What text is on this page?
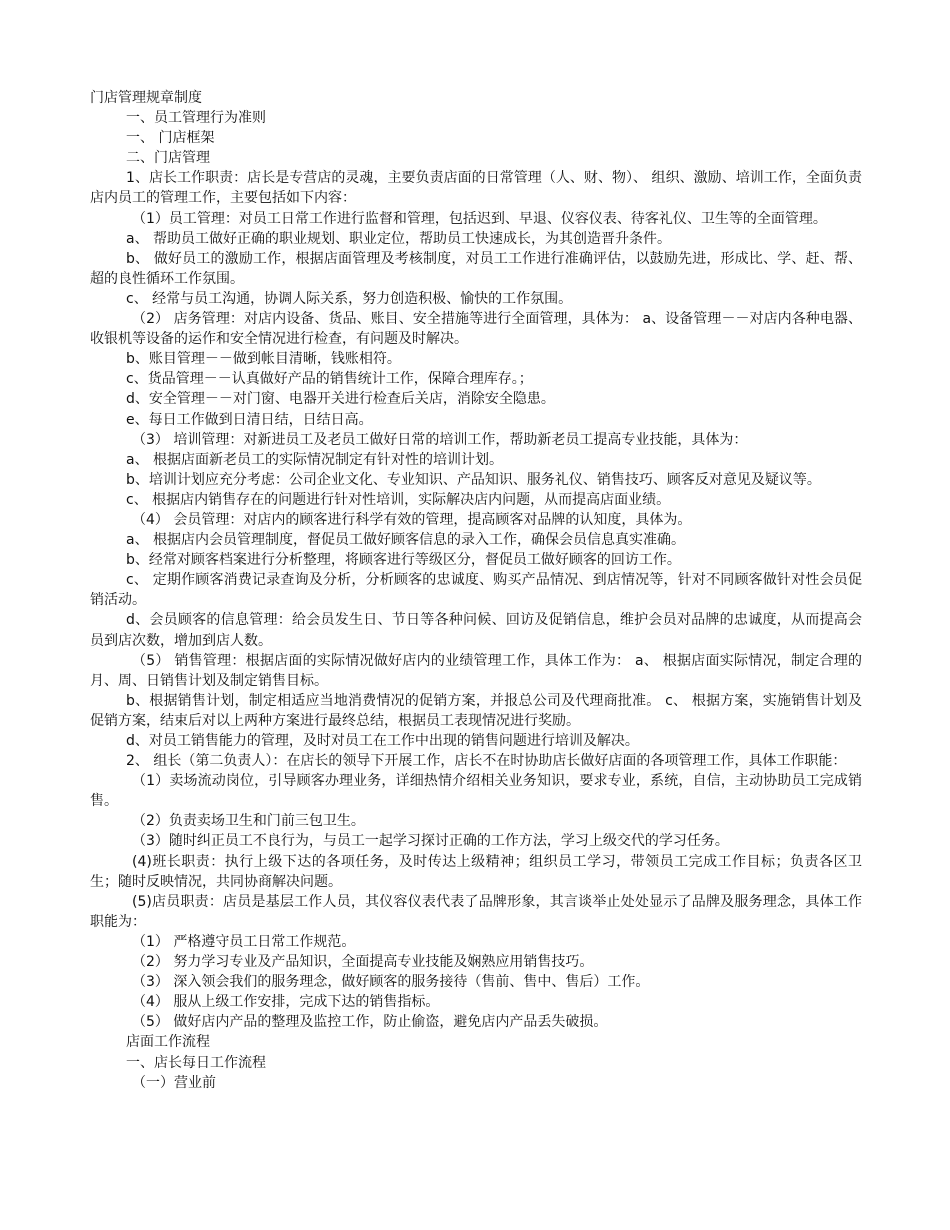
门店管理规章制度
一、员工管理行为准则
一、 门店框架
二、门店管理
1、店长工作职责：店长是专营店的灵魂，主要负责店面的日常管理（人、财、物）、 组织、激励、培训工作，全面负责店内员工的管理工作，主要包括如下内容：
（1）员工管理：对员工日常工作进行监督和管理，包括迟到、早退、仪容仪表、待客礼仪、卫生等的全面管理。
a、 帮助员工做好正确的职业规划、职业定位，帮助员工快速成长，为其创造晋升条件。
b、 做好员工的激励工作，根据店面管理及考核制度，对员工工作进行准确评估，以鼓励先进，形成比、学、赶、帮、超的良性循环工作氛围。
c、 经常与员工沟通，协调人际关系，努力创造积极、愉快的工作氛围。
（2） 店务管理：对店内设备、货品、账目、安全措施等进行全面管理，具体为： a、设备管理－－对店内各种电器、收银机等设备的运作和安全情况进行检查，有问题及时解决。
b、账目管理－－做到帐目清晰，钱账相符。
c、货品管理－－认真做好产品的销售统计工作，保障合理库存。；
d、安全管理－－对门窗、电器开关进行检查后关店，消除安全隐患。
e、每日工作做到日清日结，日结日高。
（3） 培训管理：对新进员工及老员工做好日常的培训工作，帮助新老员工提高专业技能，具体为：
a、 根据店面新老员工的实际情况制定有针对性的培训计划。
b、培训计划应充分考虑：公司企业文化、专业知识、产品知识、服务礼仪、销售技巧、顾客反对意见及疑议等。
c、 根据店内销售存在的问题进行针对性培训，实际解决店内问题，从而提高店面业绩。
（4） 会员管理：对店内的顾客进行科学有效的管理，提高顾客对品牌的认知度，具体为。
a、 根据店内会员管理制度，督促员工做好顾客信息的录入工作，确保会员信息真实准确。
b、经常对顾客档案进行分析整理，将顾客进行等级区分，督促员工做好顾客的回访工作。
c、 定期作顾客消费记录查询及分析，分析顾客的忠诚度、购买产品情况、到店情况等，针对不同顾客做针对性会员促销活动。
d、会员顾客的信息管理：给会员发生日、节日等各种问候、回访及促销信息，维护会员对品牌的忠诚度，从而提高会员到店次数，增加到店人数。
（5） 销售管理：根据店面的实际情况做好店内的业绩管理工作，具体工作为： a、 根据店面实际情况，制定合理的月、周、日销售计划及制定销售目标。
b、根据销售计划，制定相适应当地消费情况的促销方案，并报总公司及代理商批准。 c、 根据方案，实施销售计划及促销方案，结束后对以上两种方案进行最终总结，根据员工表现情况进行奖励。
d、对员工销售能力的管理，及时对员工在工作中出现的销售问题进行培训及解决。
2、 组长（第二负责人）：在店长的领导下开展工作，店长不在时协助店长做好店面的各项管理工作，具体工作职能：
（1）卖场流动岗位，引导顾客办理业务，详细热情介绍相关业务知识，要求专业，系统，自信，主动协助员工完成销售。
（2）负责卖场卫生和门前三包卫生。
（3）随时纠正员工不良行为，与员工一起学习探讨正确的工作方法，学习上级交代的学习任务。
(4)班长职责：执行上级下达的各项任务，及时传达上级精神；组织员工学习，带领员工完成工作目标；负责各区卫生；随时反映情况，共同协商解决问题。
(5)店员职责：店员是基层工作人员，其仪容仪表代表了品牌形象，其言谈举止处处显示了品牌及服务理念，具体工作职能为：
（1） 严格遵守员工日常工作规范。
（2） 努力学习专业及产品知识，全面提高专业技能及娴熟应用销售技巧。
（3） 深入领会我们的服务理念，做好顾客的服务接待（售前、售中、售后）工作。
（4） 服从上级工作安排，完成下达的销售指标。
（5） 做好店内产品的整理及监控工作，防止偷盗，避免店内产品丢失破损。
店面工作流程
一、店长每日工作流程
（一）营业前
